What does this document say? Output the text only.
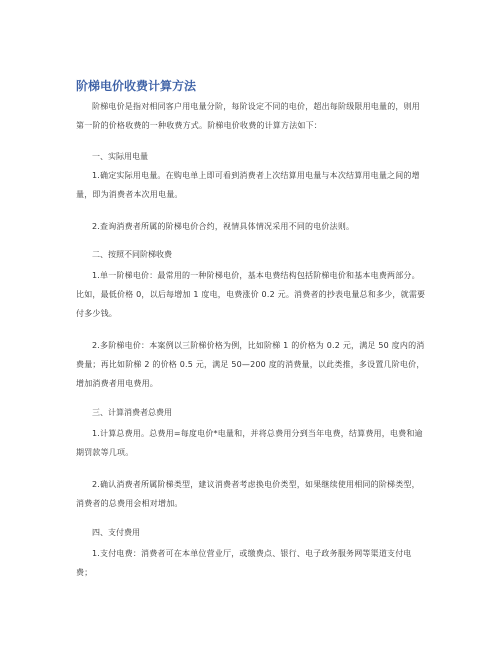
阶梯电价收费计算方法

阶梯电价是指对相同客户用电量分阶，每阶设定不同的电价，超出每阶级限用电量的，则用第一阶的价格收费的一种收费方式。阶梯电价收费的计算方法如下：

一、实际用电量

1.确定实际用电量。在购电单上即可看到消费者上次结算用电量与本次结算用电量之间的增量，即为消费者本次用电量。

2.查询消费者所属的阶梯电价合约，视情具体情况采用不同的电价法则。

二、按照不同阶梯收费

1.单一阶梯电价：最常用的一种阶梯电价，基本电费结构包括阶梯电价和基本电费两部分。比如，最低价格 0，以后每增加 1 度电，电费涨价 0.2 元。消费者的抄表电量总和多少，就需要付多少钱。

2.多阶梯电价：本案例以三阶梯价格为例，比如阶梯 1 的价格为 0.2 元，满足 50 度内的消费量；再比如阶梯 2 的价格 0.5 元，满足 50—200 度的消费量，以此类推，多设置几阶电价，增加消费者用电费用。

三、计算消费者总费用

1.计算总费用。总费用=每度电价*电量和，并将总费用分到当年电费，结算费用，电费和逾期罚款等几项。

2.确认消费者所属阶梯类型，建议消费者考虑换电价类型，如果继续使用相同的阶梯类型，消费者的总费用会相对增加。

四、支付费用

1.支付电费：消费者可在本单位营业厅，或缴费点、银行、电子政务服务网等渠道支付电费；
